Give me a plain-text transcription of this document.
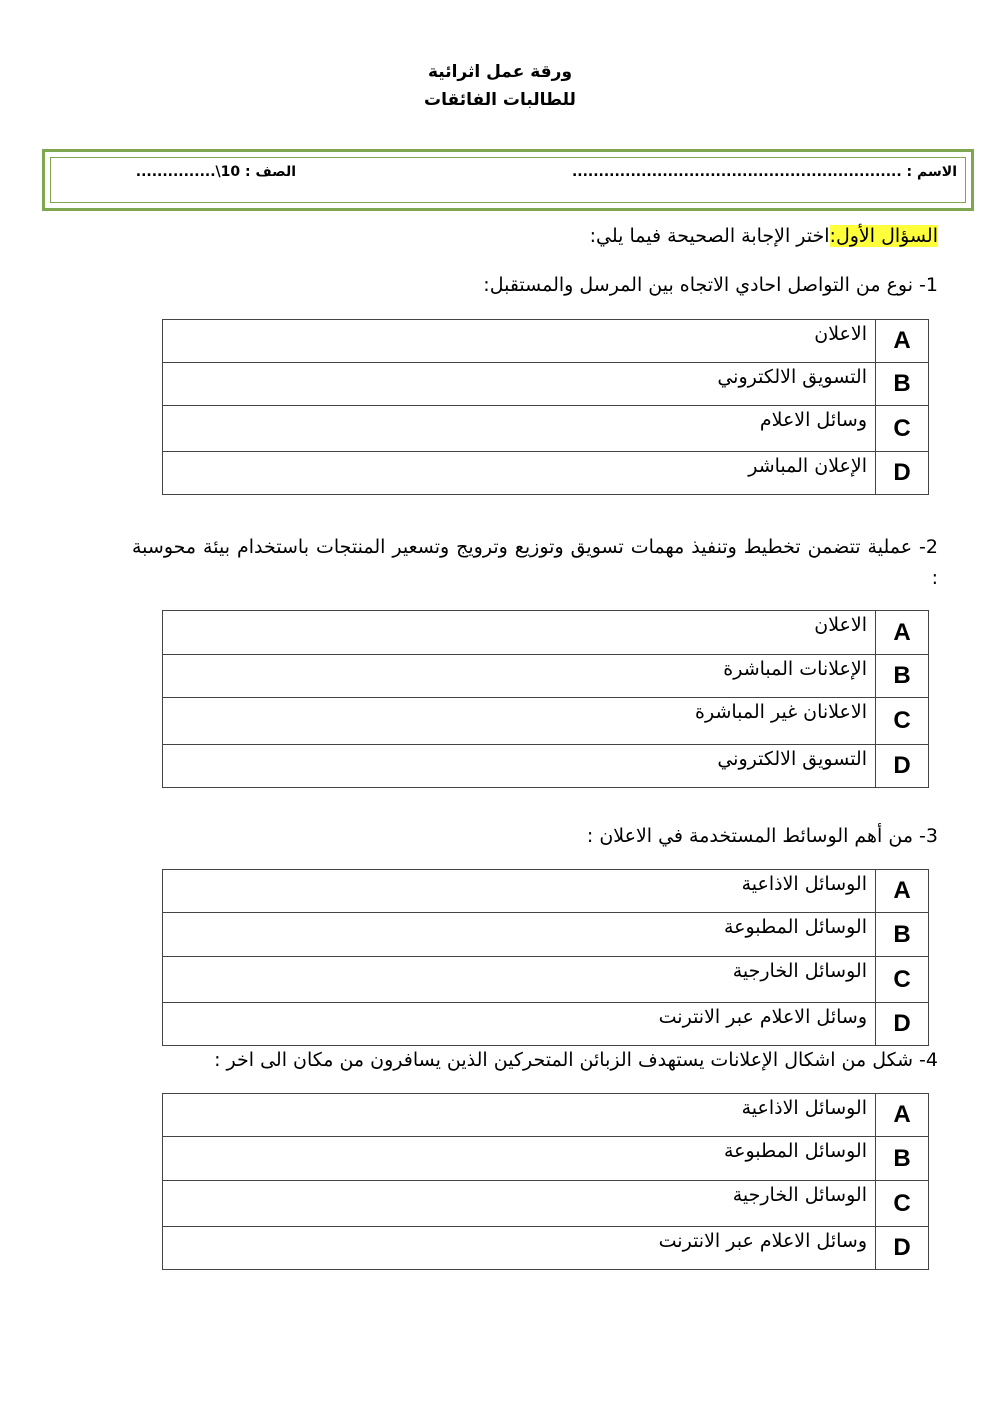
ورقة عمل اثرائية
للطالبات الفائقات
الاسم : ..............................................................
الصف : 10\...............
السؤال الأول:اختر الإجابة الصحيحة فيما يلي:
1- نوع من التواصل احادي الاتجاه بين المرسل والمستقبل:
الاعلان	A
التسويق الالكتروني	B
وسائل الاعلام	C
الإعلان المباشر	D
2- عملية تتضمن تخطيط وتنفيذ مهمات تسويق وتوزيع وترويج وتسعير المنتجات باستخدام بيئة محوسبة :
الاعلان	A
الإعلانات المباشرة	B
الاعلانان غير المباشرة	C
التسويق الالكتروني	D
3- من أهم الوسائط المستخدمة في الاعلان :
الوسائل الاذاعية	A
الوسائل المطبوعة	B
الوسائل الخارجية	C
وسائل الاعلام عبر الانترنت	D
4- شكل من اشكال الإعلانات يستهدف الزبائن المتحركين الذين يسافرون من مكان الى اخر :
الوسائل الاذاعية	A
الوسائل المطبوعة	B
الوسائل الخارجية	C
وسائل الاعلام عبر الانترنت	D
